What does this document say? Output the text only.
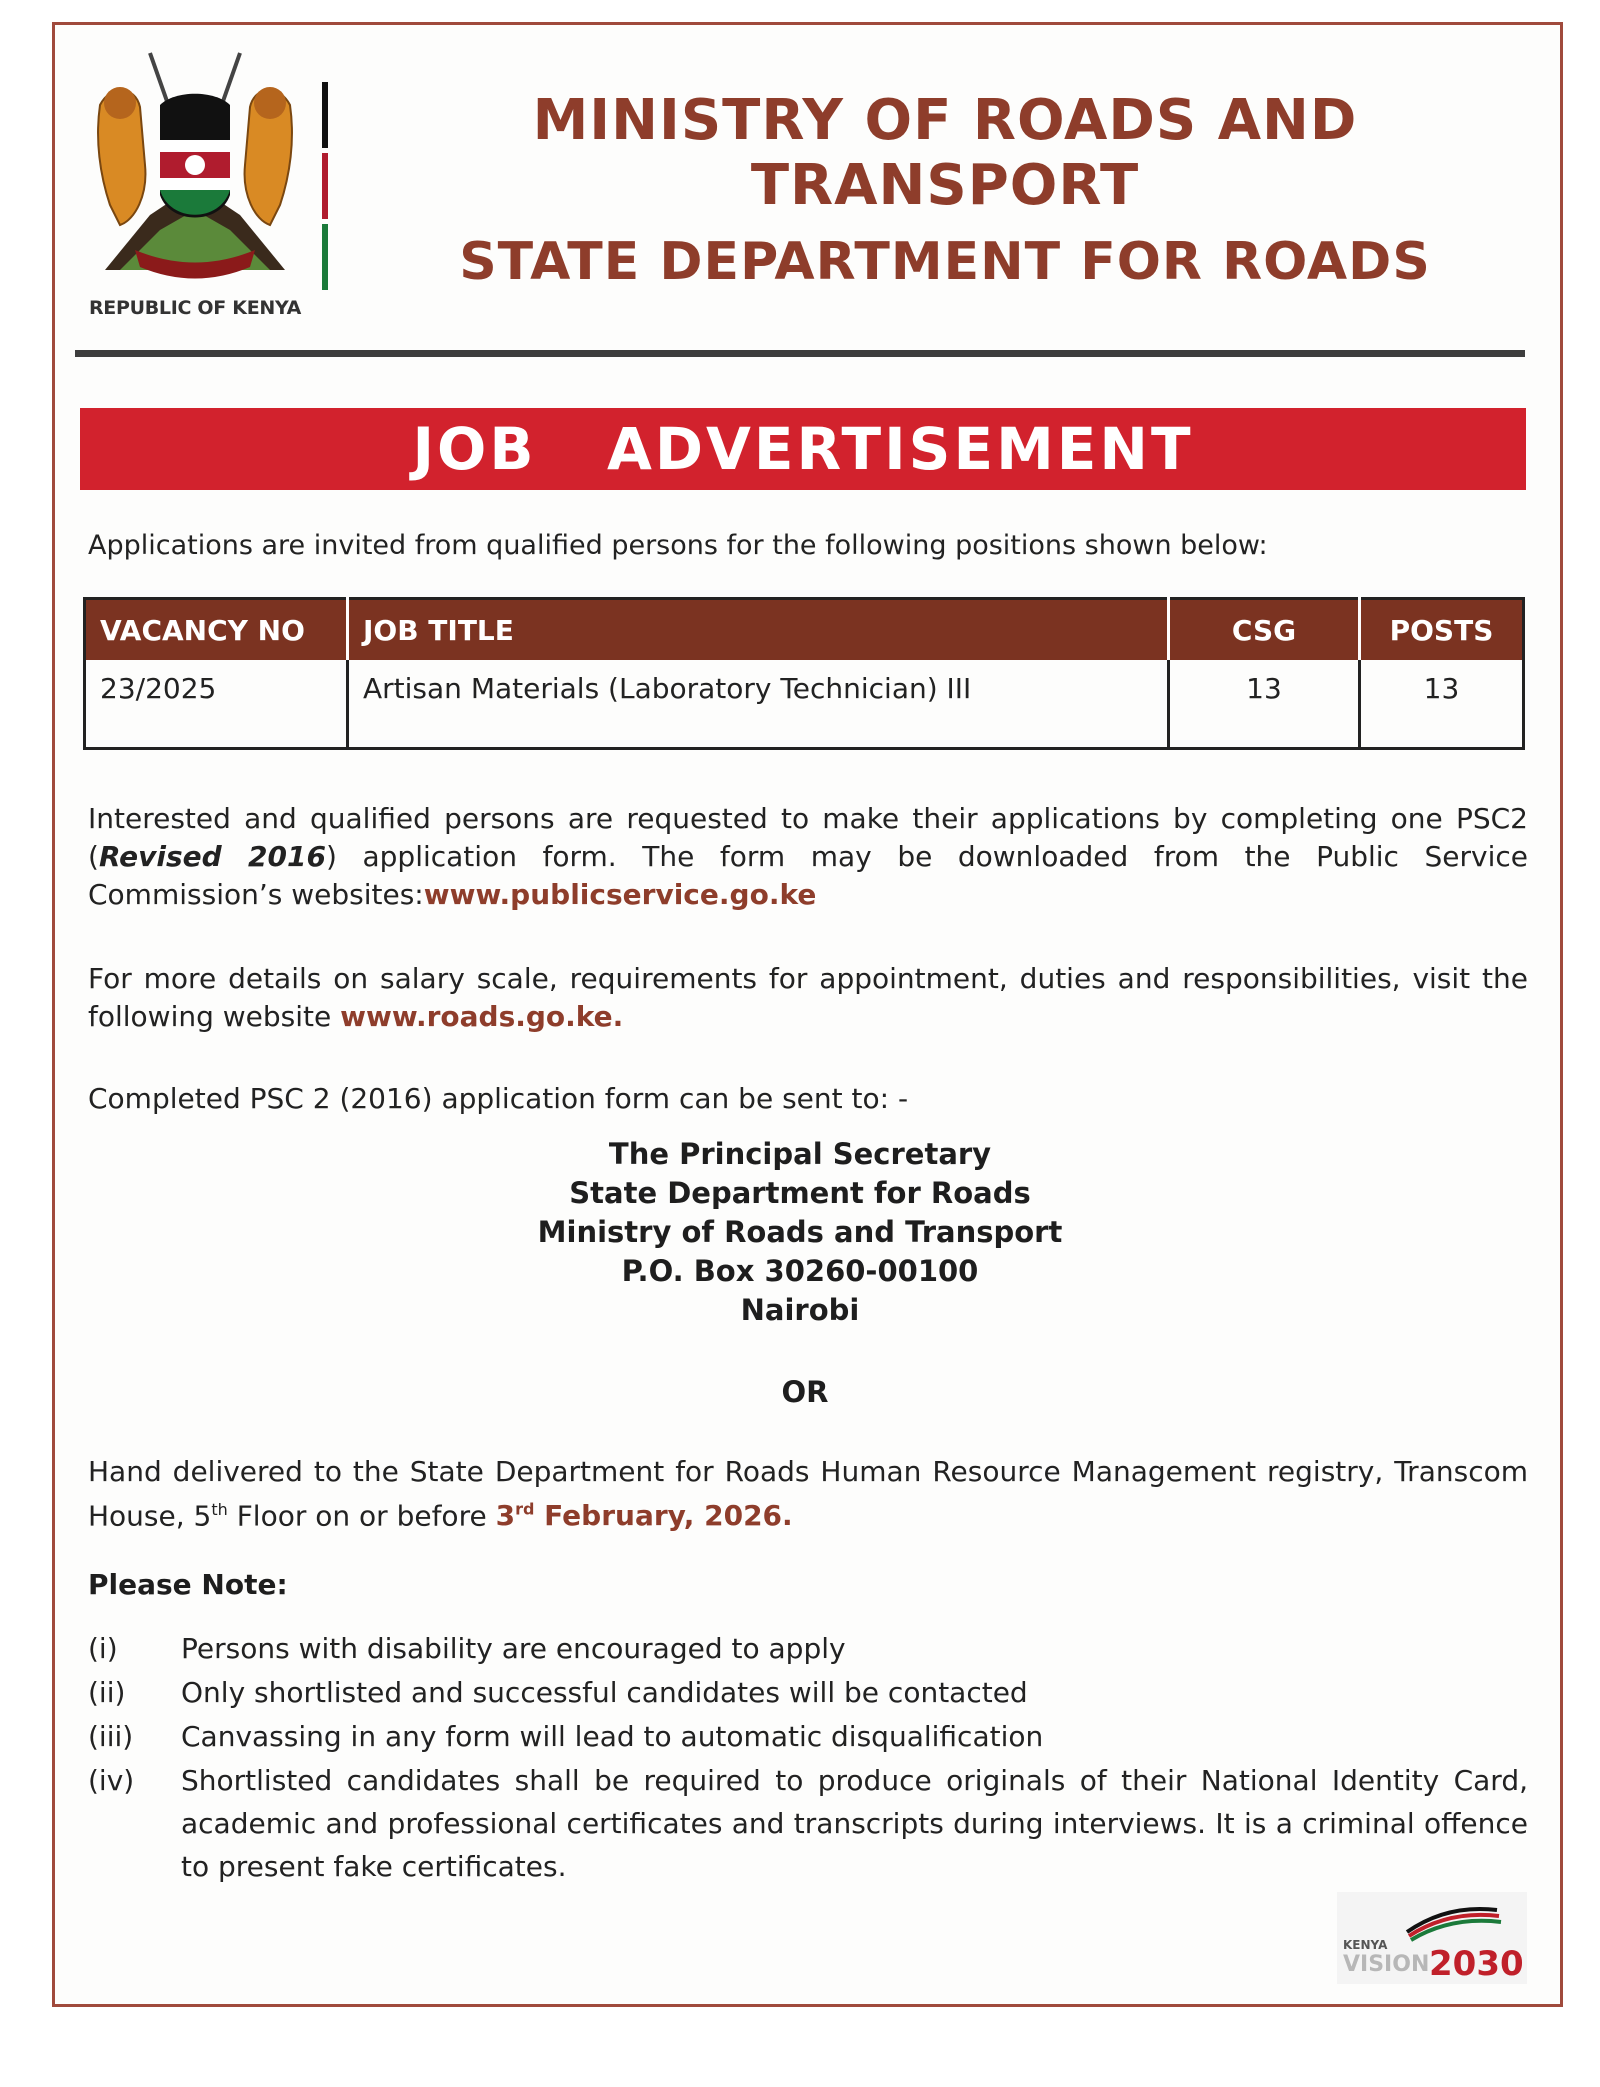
REPUBLIC OF KENYA
MINISTRY OF ROADS AND TRANSPORT
STATE DEPARTMENT FOR ROADS
JOB  ADVERTISEMENT
Applications are invited from qualified persons for the following positions shown below:
VACANCY NO	JOB TITLE	CSG	POSTS
23/2025	Artisan Materials (Laboratory Technician) III	13	13
Interested and qualified persons are requested to make their applications by completing one PSC2 (Revised 2016) application form. The form may be downloaded from the Public Service Commission’s websites:www.publicservice.go.ke
For more details on salary scale, requirements for appointment, duties and responsibilities, visit the following website www.roads.go.ke.
Completed PSC 2 (2016) application form can be sent to: -
The Principal Secretary
State Department for Roads
Ministry of Roads and Transport
P.O. Box 30260-00100
Nairobi
OR
Hand delivered to the State Department for Roads Human Resource Management registry, Transcom House, 5th Floor on or before 3rd February, 2026.
Please Note:
(i)	Persons with disability are encouraged to apply
(ii)	Only shortlisted and successful candidates will be contacted
(iii)	Canvassing in any form will lead to automatic disqualification
(iv)	Shortlisted candidates shall be required to produce originals of their National Identity Card, academic and professional certificates and transcripts during interviews. It is a criminal offence to present fake certificates.
KENYA
VISION 2030
